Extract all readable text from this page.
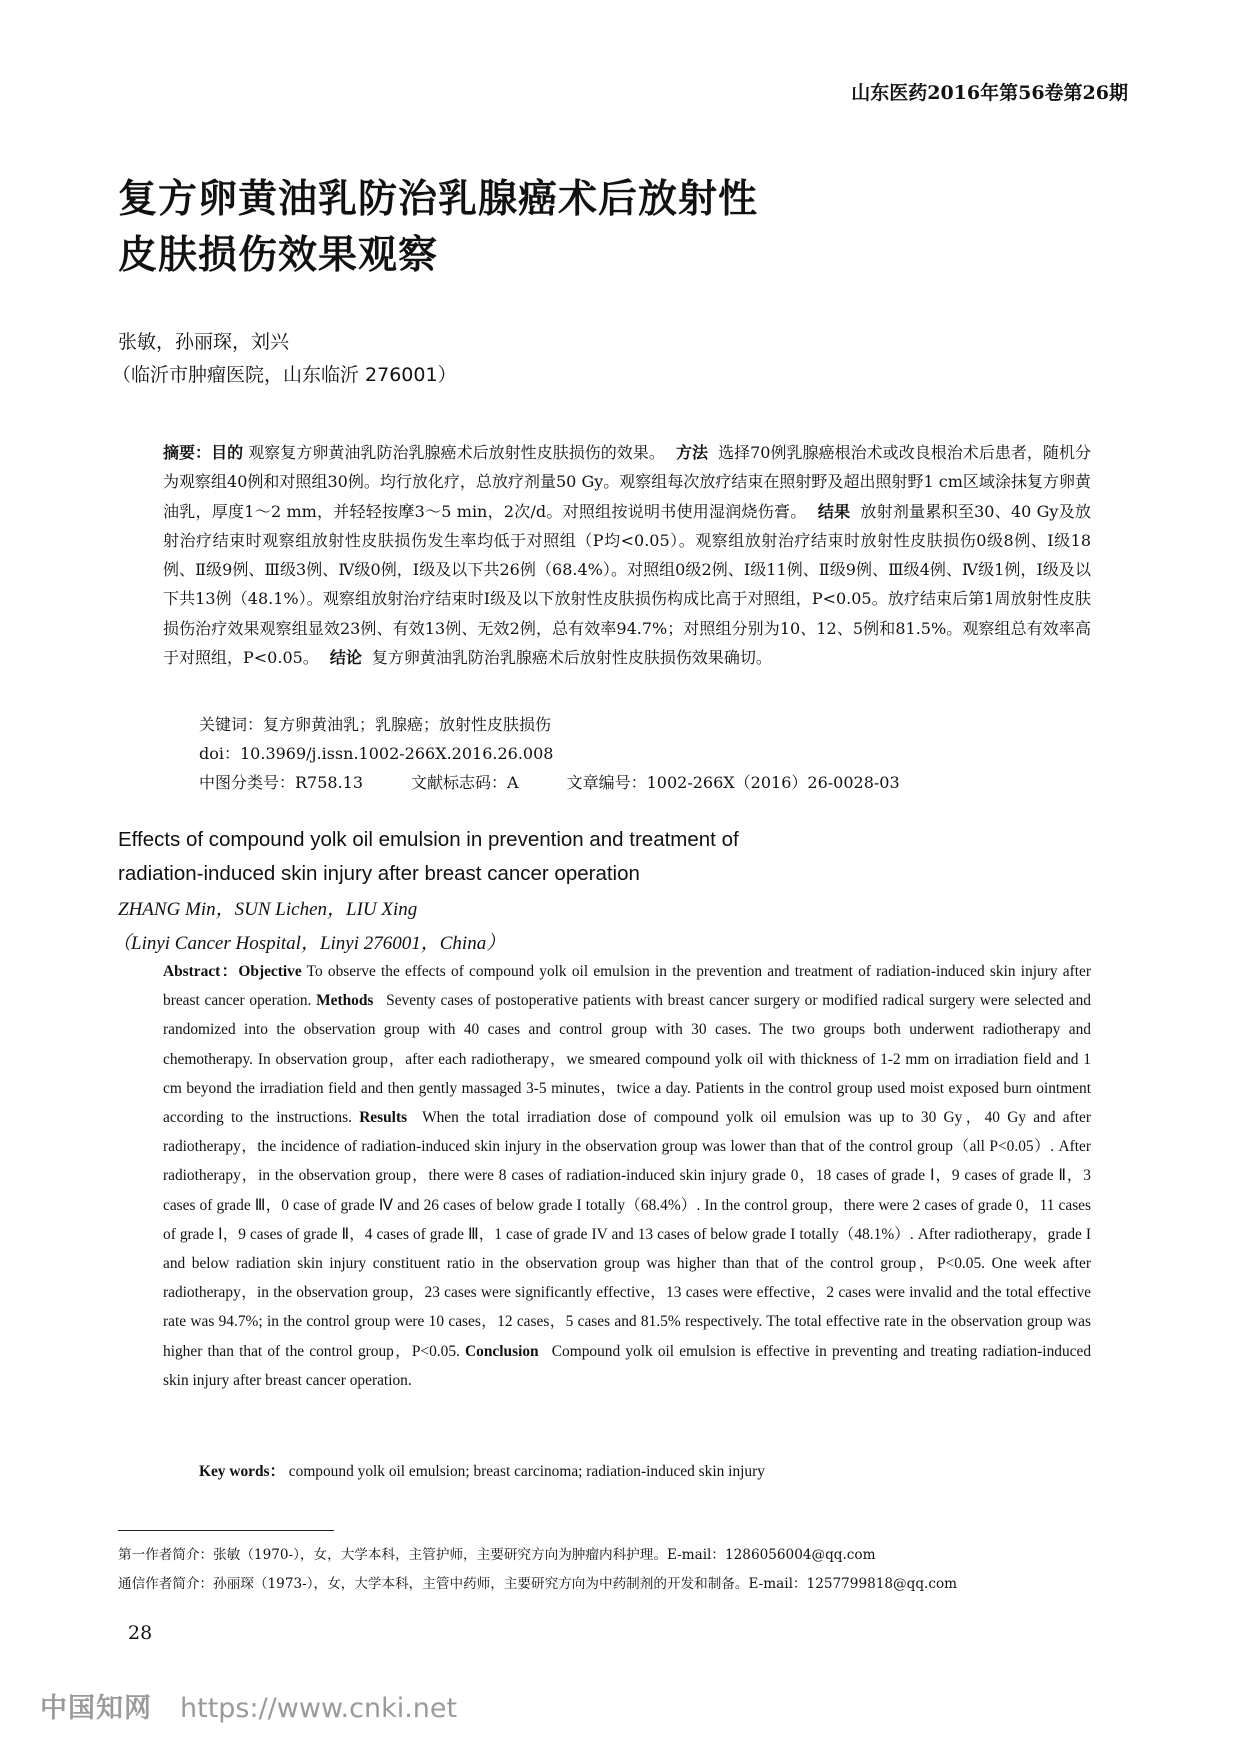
山东医药2016年第56卷第26期
复方卵黄油乳防治乳腺癌术后放射性
皮肤损伤效果观察
张敏，孙丽琛，刘兴
（临沂市肿瘤医院，山东临沂 276001）
摘要：目的 观察复方卵黄油乳防治乳腺癌术后放射性皮肤损伤的效果。 方法 选择70例乳腺癌根治术或改良根治术后患者，随机分为观察组40例和对照组30例。均行放化疗，总放疗剂量50 Gy。观察组每次放疗结束在照射野及超出照射野1 cm区域涂抹复方卵黄油乳，厚度1～2 mm，并轻轻按摩3～5 min，2次/d。对照组按说明书使用湿润烧伤膏。 结果 放射剂量累积至30、40 Gy及放射治疗结束时观察组放射性皮肤损伤发生率均低于对照组（P均<0.05）。观察组放射治疗结束时放射性皮肤损伤0级8例、Ⅰ级18例、Ⅱ级9例、Ⅲ级3例、Ⅳ级0例，Ⅰ级及以下共26例（68.4%）。对照组0级2例、Ⅰ级11例、Ⅱ级9例、Ⅲ级4例、Ⅳ级1例，Ⅰ级及以下共13例（48.1%）。观察组放射治疗结束时Ⅰ级及以下放射性皮肤损伤构成比高于对照组，P<0.05。放疗结束后第1周放射性皮肤损伤治疗效果观察组显效23例、有效13例、无效2例，总有效率94.7%；对照组分别为10、12、5例和81.5%。观察组总有效率高于对照组，P<0.05。 结论 复方卵黄油乳防治乳腺癌术后放射性皮肤损伤效果确切。
关键词：复方卵黄油乳；乳腺癌；放射性皮肤损伤
doi：10.3969/j.issn.1002-266X.2016.26.008
中图分类号：R758.13	文献标志码：A	文章编号：1002-266X（2016）26-0028-03
Effects of compound yolk oil emulsion in prevention and treatment of
radiation-induced skin injury after breast cancer operation
ZHANG Min，SUN Lichen，LIU Xing
（Linyi Cancer Hospital，Linyi 276001，China）
Abstract：Objective To observe the effects of compound yolk oil emulsion in the prevention and treatment of radiation-induced skin injury after breast cancer operation. Methods Seventy cases of postoperative patients with breast cancer surgery or modified radical surgery were selected and randomized into the observation group with 40 cases and control group with 30 cases. The two groups both underwent radiotherapy and chemotherapy. In observation group，after each radiotherapy，we smeared compound yolk oil with thickness of 1-2 mm on irradiation field and 1 cm beyond the irradiation field and then gently massaged 3-5 minutes，twice a day. Patients in the control group used moist exposed burn ointment according to the instructions. Results When the total irradiation dose of compound yolk oil emulsion was up to 30 Gy，40 Gy and after radiotherapy，the incidence of radiation-induced skin injury in the observation group was lower than that of the control group（all P<0.05）. After radiotherapy，in the observation group，there were 8 cases of radiation-induced skin injury grade 0，18 cases of grade Ⅰ，9 cases of grade Ⅱ，3 cases of grade Ⅲ，0 case of grade Ⅳ and 26 cases of below grade I totally（68.4%）. In the control group，there were 2 cases of grade 0，11 cases of grade Ⅰ，9 cases of grade Ⅱ，4 cases of grade Ⅲ，1 case of grade IV and 13 cases of below grade I totally（48.1%）. After radiotherapy，grade I and below radiation skin injury constituent ratio in the observation group was higher than that of the control group，P<0.05. One week after radiotherapy，in the observation group，23 cases were significantly effective，13 cases were effective，2 cases were invalid and the total effective rate was 94.7%; in the control group were 10 cases，12 cases，5 cases and 81.5% respectively. The total effective rate in the observation group was higher than that of the control group，P<0.05. Conclusion Compound yolk oil emulsion is effective in preventing and treating radiation-induced skin injury after breast cancer operation.
Key words： compound yolk oil emulsion; breast carcinoma; radiation-induced skin injury
第一作者简介：张敏（1970-），女，大学本科，主管护师，主要研究方向为肿瘤内科护理。E-mail：1286056004@qq.com
通信作者简介：孙丽琛（1973-），女，大学本科，主管中药师，主要研究方向为中药制剂的开发和制备。E-mail：1257799818@qq.com
28
中国知网 https://www.cnki.net
